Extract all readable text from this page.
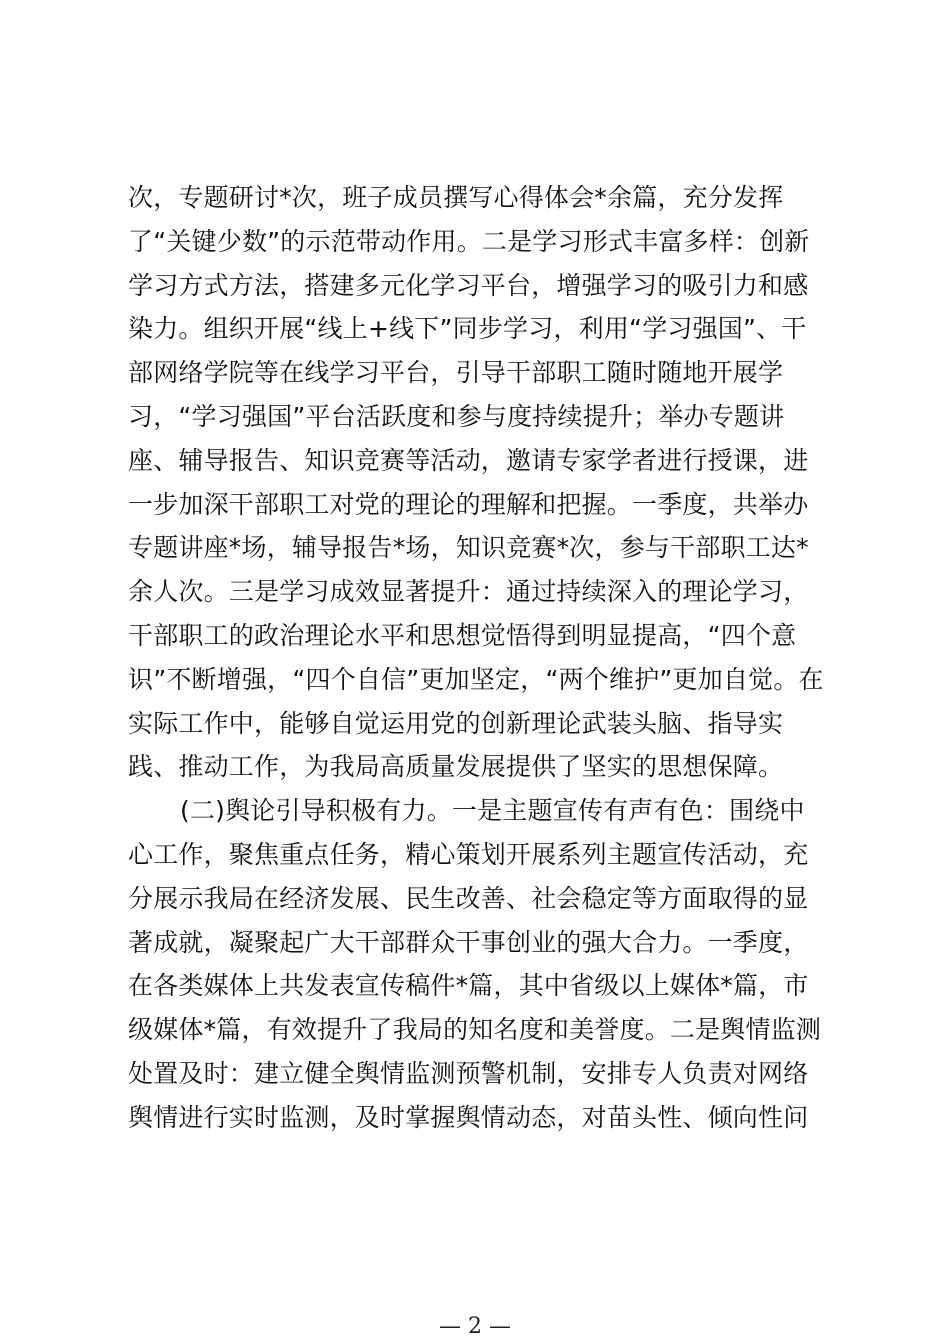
次，专题研讨*次，班子成员撰写心得体会*余篇，充分发挥
了“关键少数”的示范带动作用。二是学习形式丰富多样：创新
学习方式方法，搭建多元化学习平台，增强学习的吸引力和感
染力。组织开展“线上+线下”同步学习，利用“学习强国”、干
部网络学院等在线学习平台，引导干部职工随时随地开展学
习，“学习强国”平台活跃度和参与度持续提升；举办专题讲
座、辅导报告、知识竞赛等活动，邀请专家学者进行授课，进
一步加深干部职工对党的理论的理解和把握。一季度，共举办
专题讲座*场，辅导报告*场，知识竞赛*次，参与干部职工达*
余人次。三是学习成效显著提升：通过持续深入的理论学习，
干部职工的政治理论水平和思想觉悟得到明显提高，“四个意
识”不断增强，“四个自信”更加坚定，“两个维护”更加自觉。在
实际工作中，能够自觉运用党的创新理论武装头脑、指导实
践、推动工作，为我局高质量发展提供了坚实的思想保障。
(二)舆论引导积极有力。一是主题宣传有声有色：围绕中
心工作，聚焦重点任务，精心策划开展系列主题宣传活动，充
分展示我局在经济发展、民生改善、社会稳定等方面取得的显
著成就，凝聚起广大干部群众干事创业的强大合力。一季度，
在各类媒体上共发表宣传稿件*篇，其中省级以上媒体*篇，市
级媒体*篇，有效提升了我局的知名度和美誉度。二是舆情监测
处置及时：建立健全舆情监测预警机制，安排专人负责对网络
舆情进行实时监测，及时掌握舆情动态，对苗头性、倾向性问
— 2 —
